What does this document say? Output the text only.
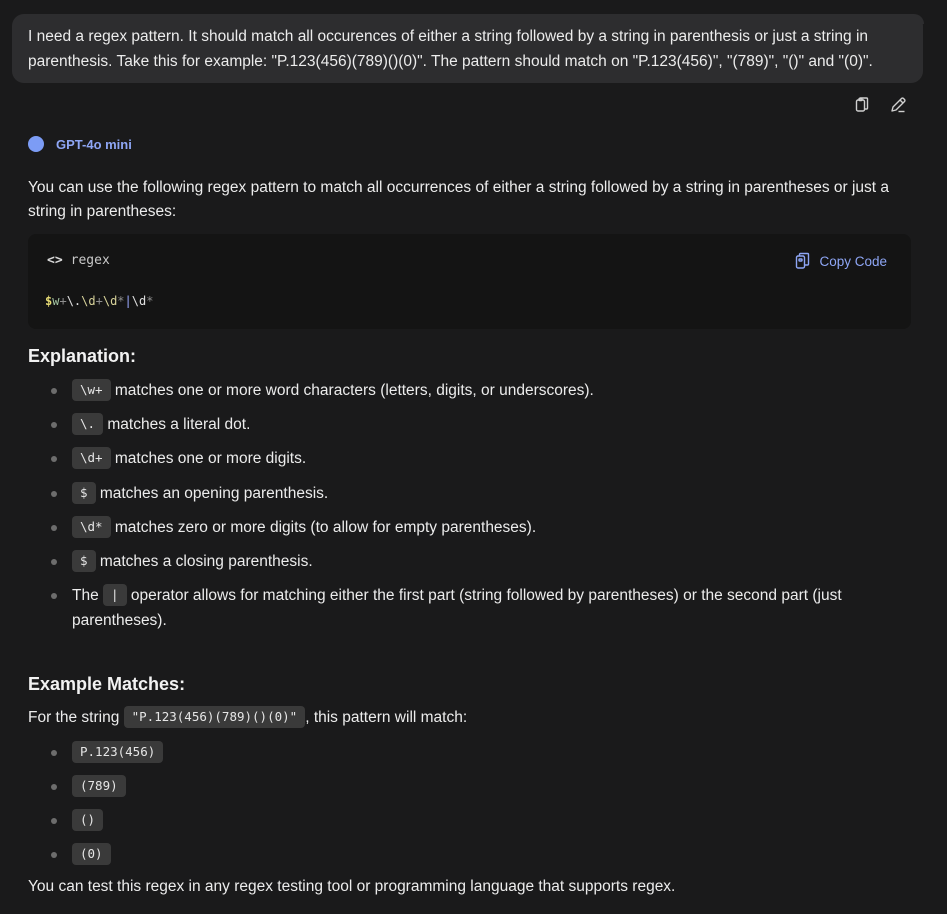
I need a regex pattern. It should match all occurences of either a string followed by a string in parenthesis or just a string in parenthesis. Take this for example: "P.123(456)(789)()(0)". The pattern should match on "P.123(456)", "(789)", "()" and "(0)".
GPT-4o mini
You can use the following regex pattern to match all occurrences of either a string followed by a string in parentheses or just a string in parentheses:
<> regex	Copy Code
$w+\.\d+\d*|\d*
Explanation:
\w+ matches one or more word characters (letters, digits, or underscores).
\. matches a literal dot.
\d+ matches one or more digits.
$ matches an opening parenthesis.
\d* matches zero or more digits (to allow for empty parentheses).
$ matches a closing parenthesis.
The | operator allows for matching either the first part (string followed by parentheses) or the second part (just parentheses).
Example Matches:
For the string "P.123(456)(789)()(0)" , this pattern will match:
P.123(456)
(789)
()
(0)
You can test this regex in any regex testing tool or programming language that supports regex.
